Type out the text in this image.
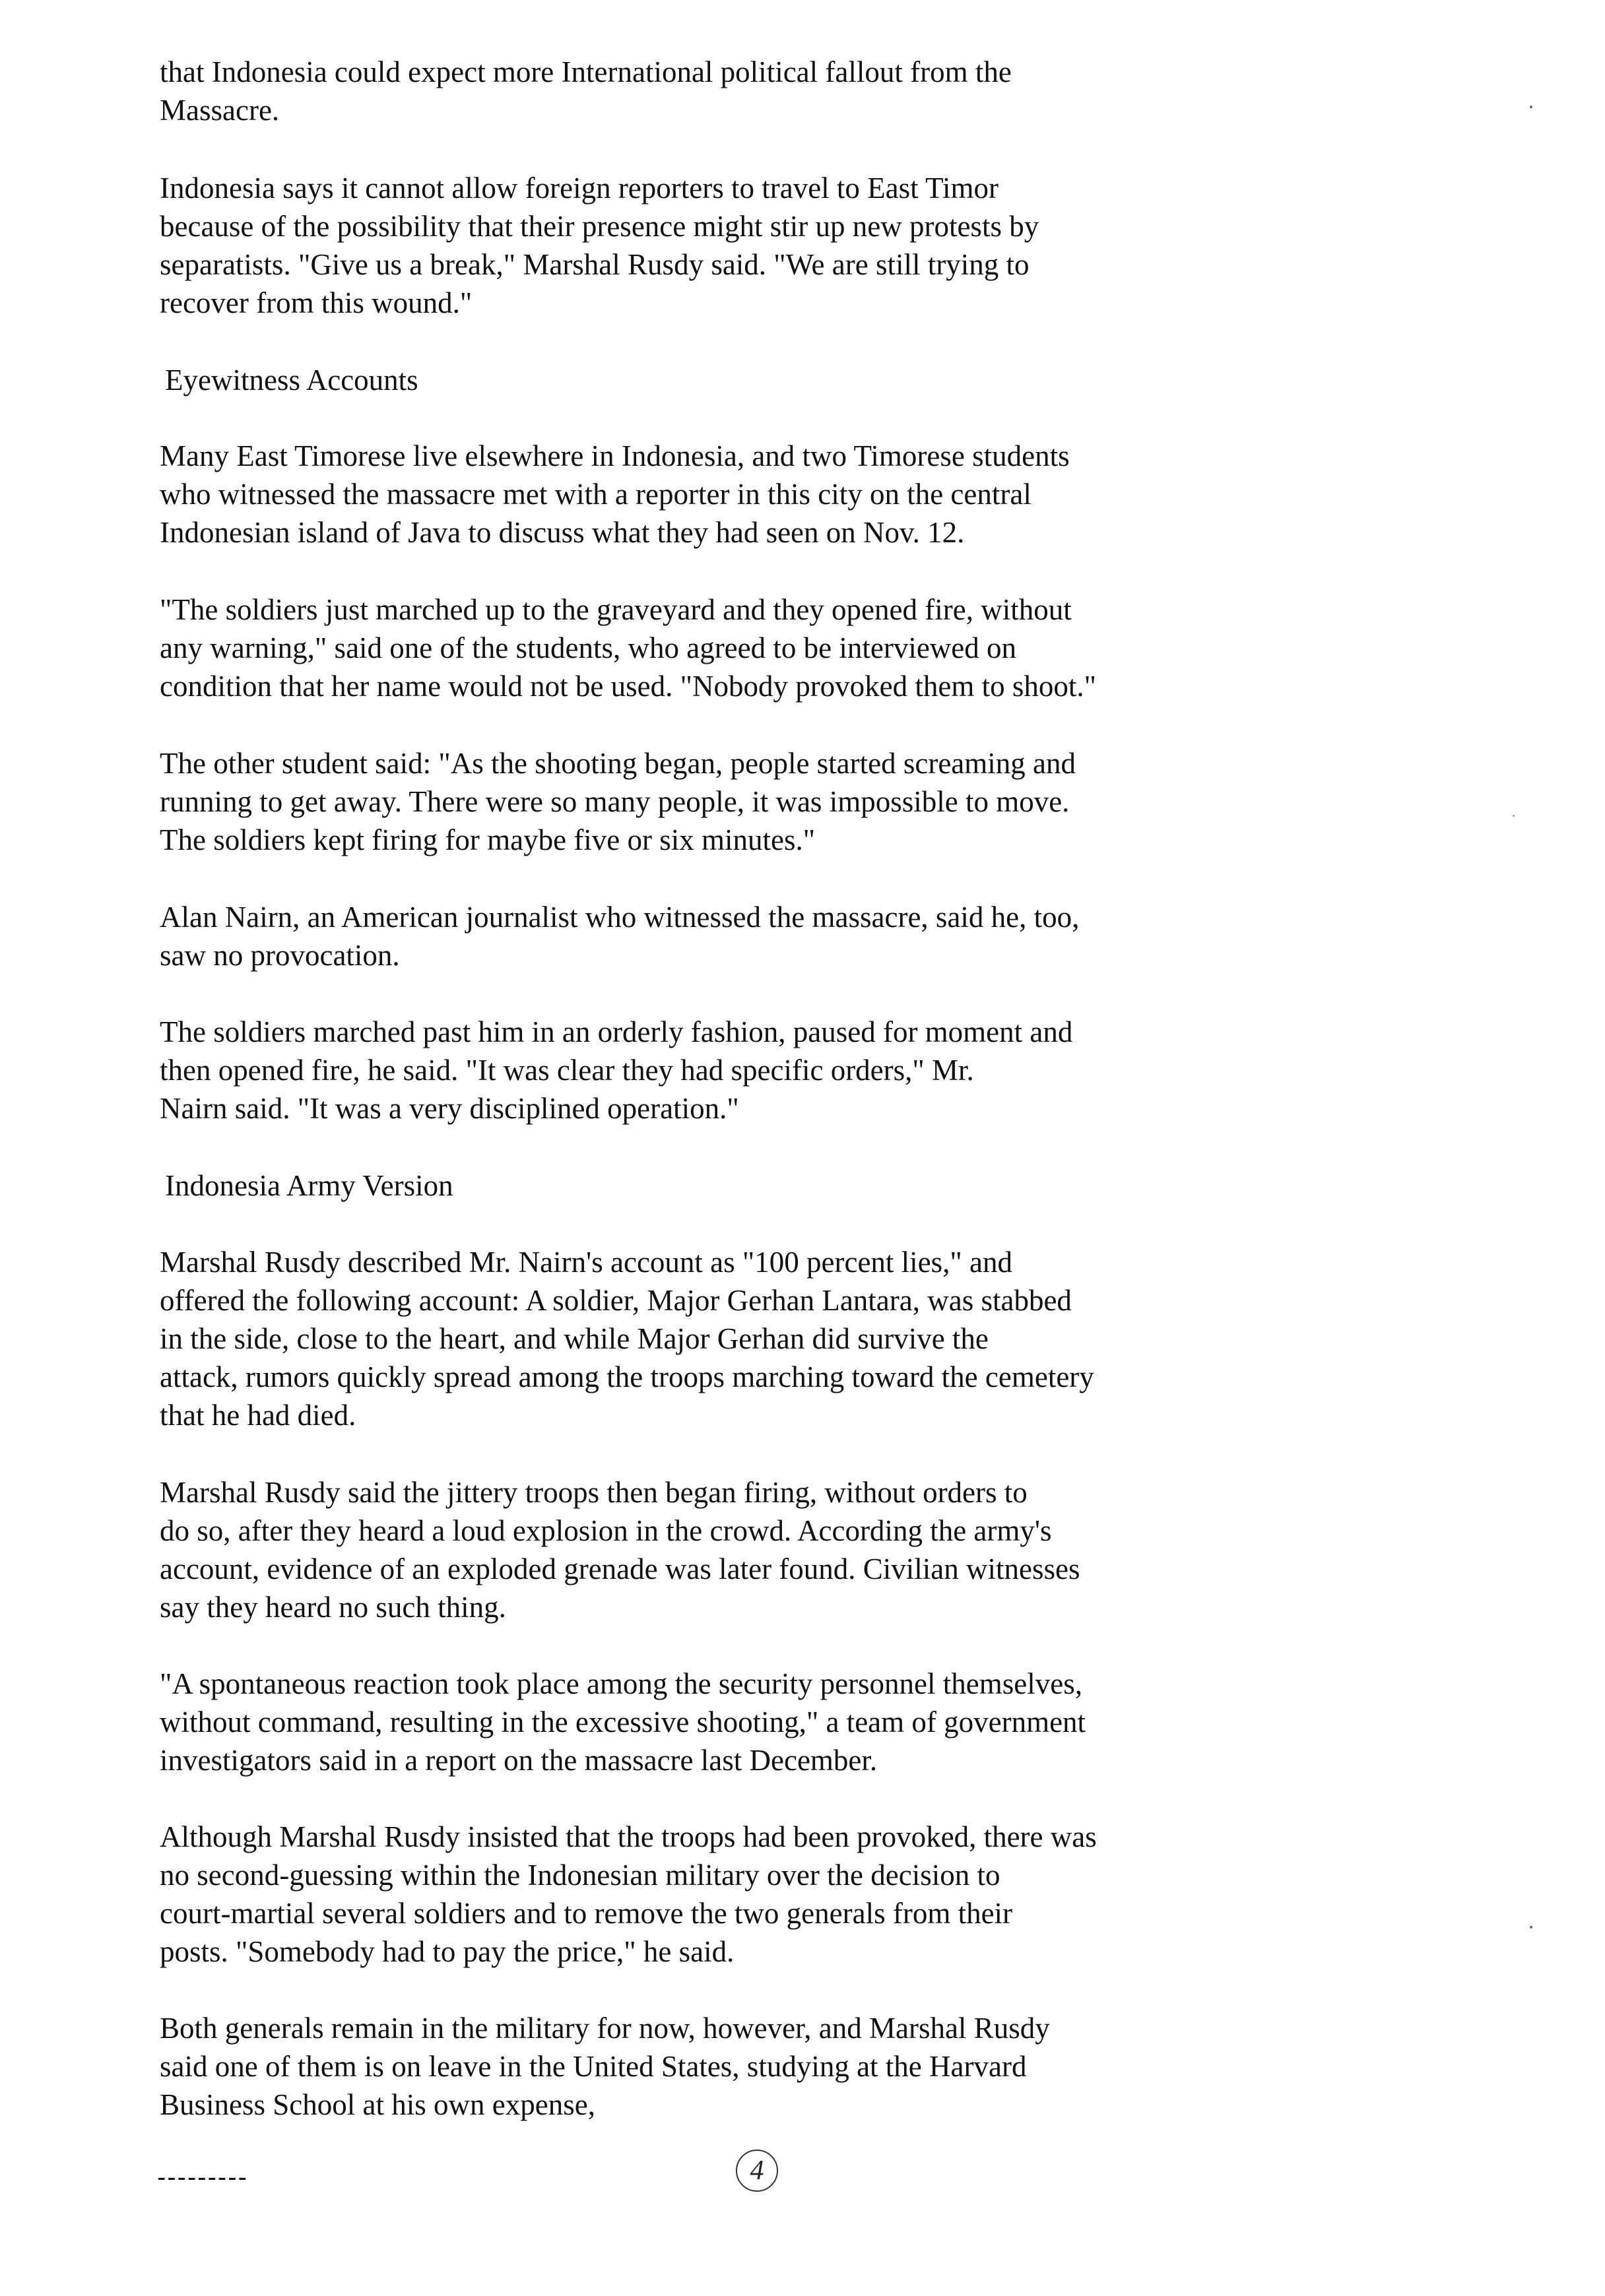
that Indonesia could expect more International political fallout from the
Massacre.

Indonesia says it cannot allow foreign reporters to travel to East Timor
because of the possibility that their presence might stir up new protests by
separatists. "Give us a break," Marshal Rusdy said. "We are still trying to
recover from this wound."

Eyewitness Accounts

Many East Timorese live elsewhere in Indonesia, and two Timorese students
who witnessed the massacre met with a reporter in this city on the central
Indonesian island of Java to discuss what they had seen on Nov. 12.

"The soldiers just marched up to the graveyard and they opened fire, without
any warning," said one of the students, who agreed to be interviewed on
condition that her name would not be used. "Nobody provoked them to shoot."

The other student said: "As the shooting began, people started screaming and
running to get away. There were so many people, it was impossible to move.
The soldiers kept firing for maybe five or six minutes."

Alan Nairn, an American journalist who witnessed the massacre, said he, too,
saw no provocation.

The soldiers marched past him in an orderly fashion, paused for moment and
then opened fire, he said. "It was clear they had specific orders," Mr.
Nairn said. "It was a very disciplined operation."

Indonesia Army Version

Marshal Rusdy described Mr. Nairn's account as "100 percent lies," and
offered the following account: A soldier, Major Gerhan Lantara, was stabbed
in the side, close to the heart, and while Major Gerhan did survive the
attack, rumors quickly spread among the troops marching toward the cemetery
that he had died.

Marshal Rusdy said the jittery troops then began firing, without orders to
do so, after they heard a loud explosion in the crowd. According the army's
account, evidence of an exploded grenade was later found. Civilian witnesses
say they heard no such thing.

"A spontaneous reaction took place among the security personnel themselves,
without command, resulting in the excessive shooting," a team of government
investigators said in a report on the massacre last December.

Although Marshal Rusdy insisted that the troops had been provoked, there was
no second-guessing within the Indonesian military over the decision to
court-martial several soldiers and to remove the two generals from their
posts. "Somebody had to pay the price," he said.

Both generals remain in the military for now, however, and Marshal Rusdy
said one of them is on leave in the United States, studying at the Harvard
Business School at his own expense,

---------	4
